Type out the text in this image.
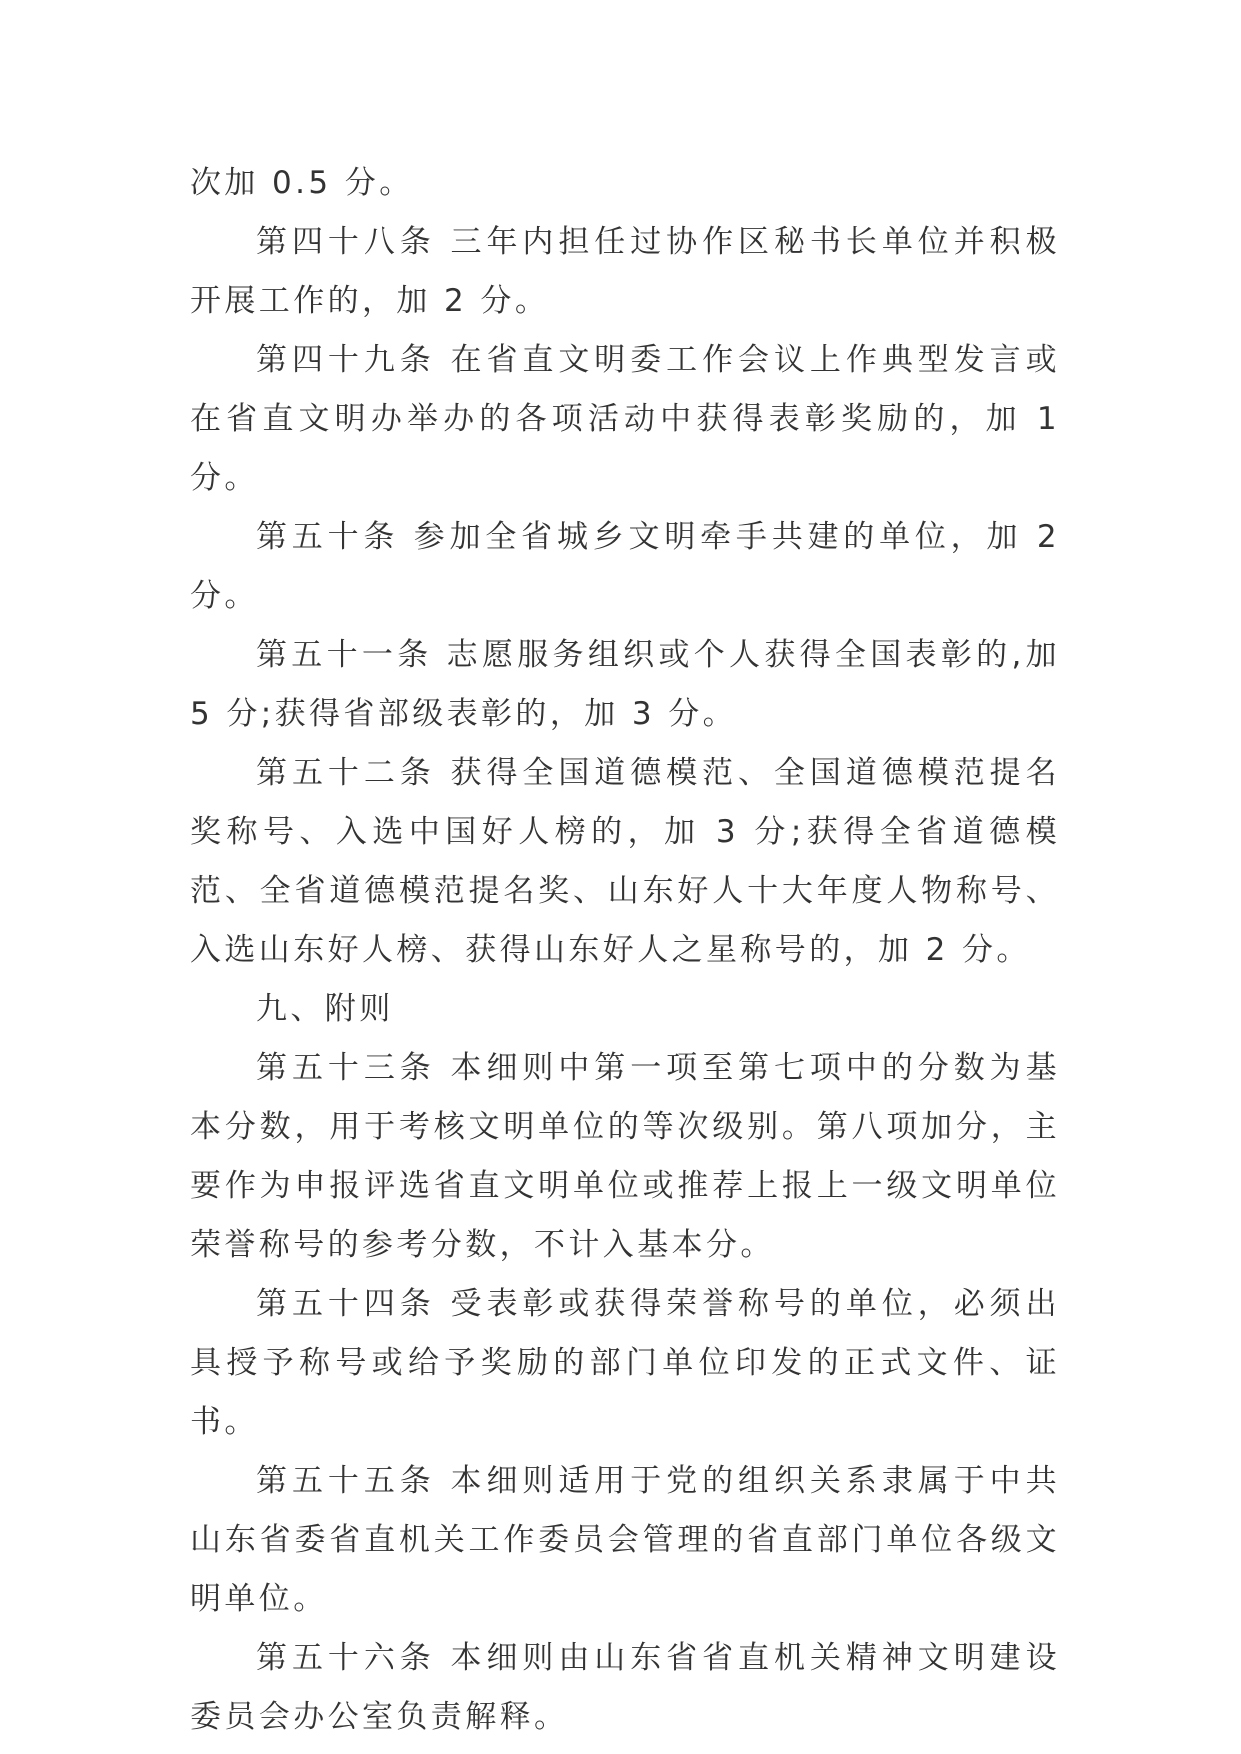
次加 0.5 分。

第四十八条 三年内担任过协作区秘书长单位并积极开展工作的，加 2 分。

第四十九条 在省直文明委工作会议上作典型发言或在省直文明办举办的各项活动中获得表彰奖励的，加 1 分。

第五十条 参加全省城乡文明牵手共建的单位，加 2 分。

第五十一条 志愿服务组织或个人获得全国表彰的,加 5 分;获得省部级表彰的，加 3 分。

第五十二条 获得全国道德模范、全国道德模范提名奖称号、入选中国好人榜的，加 3 分;获得全省道德模范、全省道德模范提名奖、山东好人十大年度人物称号、入选山东好人榜、获得山东好人之星称号的，加 2 分。

九、附则

第五十三条 本细则中第一项至第七项中的分数为基本分数，用于考核文明单位的等次级别。第八项加分，主要作为申报评选省直文明单位或推荐上报上一级文明单位荣誉称号的参考分数，不计入基本分。

第五十四条 受表彰或获得荣誉称号的单位，必须出具授予称号或给予奖励的部门单位印发的正式文件、证书。

第五十五条 本细则适用于党的组织关系隶属于中共山东省委省直机关工作委员会管理的省直部门单位各级文明单位。

第五十六条 本细则由山东省省直机关精神文明建设委员会办公室负责解释。
